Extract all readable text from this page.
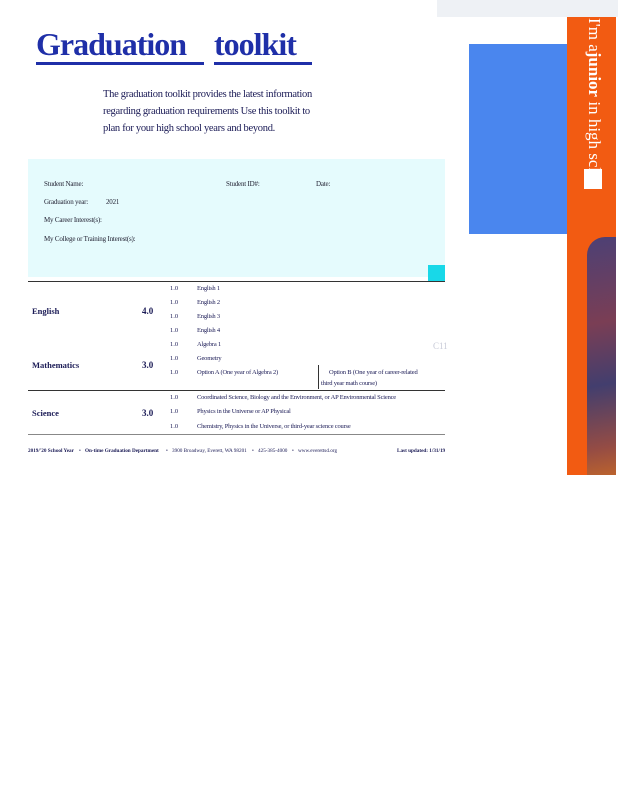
Graduation toolkit
The graduation toolkit provides the latest information
regarding graduation requirements Use this toolkit to
plan for your high school years and beyond.
I'm ajunior in high sch
Student Name:	Student ID#:	Date:
Graduation year:	2021
My Career Interest(s):
My College or Training Interest(s):
English	4.0
1.0	English 1
1.0	English 2
1.0	English 3
1.0	English 4
Mathematics	3.0
1.0	Algebra 1
1.0	Geometry
1.0	Option A (One year of Algebra 2)	Option B (One year of career-related
third year math course)
C11
Science	3.0
1.0	Coordinated Science, Biology and the Environment, or AP Environmental Science
1.0	Physics in the Universe or AP Physical
1.0	Chemistry, Physics in the Universe, or third-year science course
2019/'20 School Year • On-time Graduation Department • 3900 Broadway, Everett, WA 98201 • 425-385-4000 • www.everettsd.org	Last updated: 1/31/19
